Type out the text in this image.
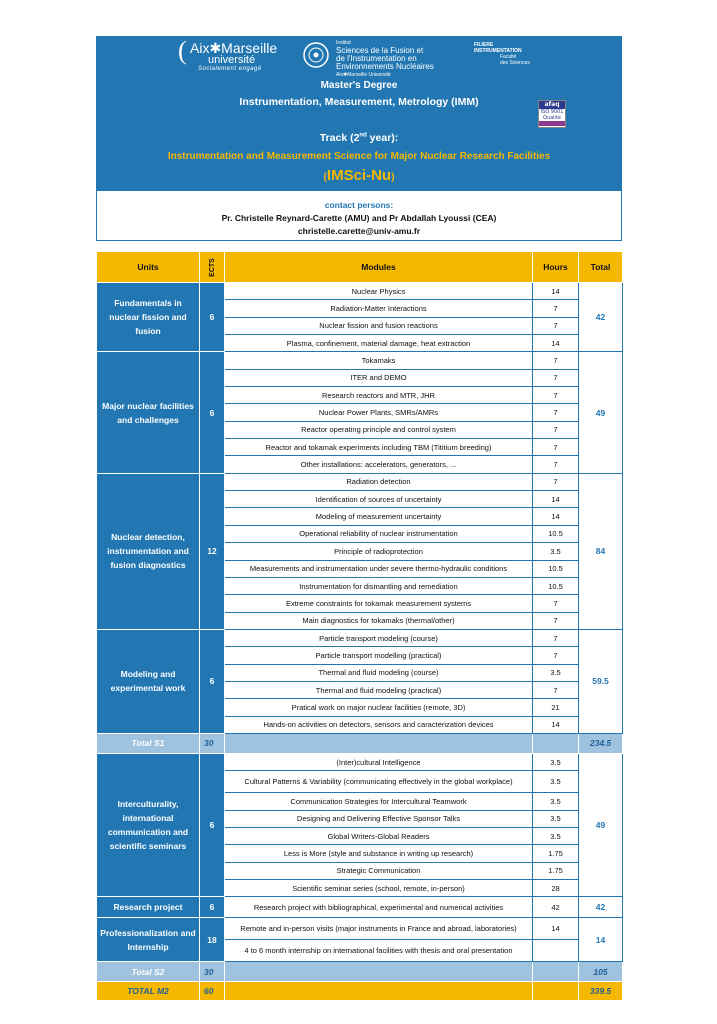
( Aix✱Marseille
université
Socialement engagé
Institut
Sciences de la Fusion et
de l'Instrumentation en
Environnements Nucléaires
Aix✱Marseille Université
FILIERE
INSTRUMENTATION
Faculté
des Sciences
Master's Degree
Instrumentation, Measurement, Metrology (IMM)	afaq
ISO 9001
Qualité
Track (2nd year):
Instrumentation and Measurement Science for Major Nuclear Research Facilities
(IMSci-Nu)
contact persons:
Pr. Christelle Reynard-Carette (AMU) and Pr Abdallah Lyoussi (CEA)
christelle.carette@univ-amu.fr
Units	ECTS	Modules	Hours	Total
Fundamentals in nuclear fission and fusion	6	Nuclear Physics	14	42
		Radiation-Matter Interactions	7	
		Nuclear fission and fusion reactions	7	
		Plasma, confinement, material damage, heat extraction	14	
Major nuclear facilities and challenges	6	Tokamaks	7	49
		ITER and DEMO	7	
		Research reactors and MTR, JHR	7	
		Nuclear Power Plants, SMRs/AMRs	7	
		Reactor operating principle and control system	7	
		Reactor and tokamak experiments including TBM (Tititium breeding)	7	
		Other installations: accelerators, generators, ...	7	
Nuclear detection, instrumentation and fusion diagnostics	12	Radiation detection	7	84
		Identification of sources of uncertainty	14	
		Modeling of measurement uncertainty	14	
		Operational reliability of nuclear instrumentation	10.5	
		Principle of radioprotection	3.5	
		Measurements and instrumentation under severe thermo-hydraulic conditions	10.5	
		Instrumentation for dismantling and remediation	10.5	
		Extreme constraints for tokamak measurement systems	7	
		Main diagnostics for tokamaks (thermal/other)	7	
Modeling and experimental work	6	Particle transport modeling (course)	7	59.5
		Particle transport modelling (practical)	7	
		Thermal and fluid modeling (course)	3.5	
		Thermal and fluid modeling (practical)	7	
		Pratical work on major nuclear facilities (remote, 3D)	21	
		Hands-on activities on detectors, sensors and caracterization devices	14	
Total S1	30			234.5
Interculturality, international communication and scientific seminars	6	(Inter)cultural Intelligence	3.5	49
		Cultural Patterns & Variability (communicating effectively in the global workplace)	3.5	
		Communication Strategies for Intercultural Teamwork	3.5	
		Designing and Delivering Effective Sponsor Talks	3.5	
		Global Writers-Global Readers	3.5	
		Less is More (style and substance in writing up research)	1.75	
		Strategic Communication	1.75	
		Scientific seminar series (school, remote, in-person)	28	
Research project	6	Research project with bibliographical, experimental and numerical activities	42	42
Professionalization and Internship	18	Remote and in-person visits (major instruments in France and abroad, laboratories)	14	14
		4 to 6 month internship on international facilities with thesis and oral presentation		
Total S2	30			105
TOTAL M2	60			339.5
